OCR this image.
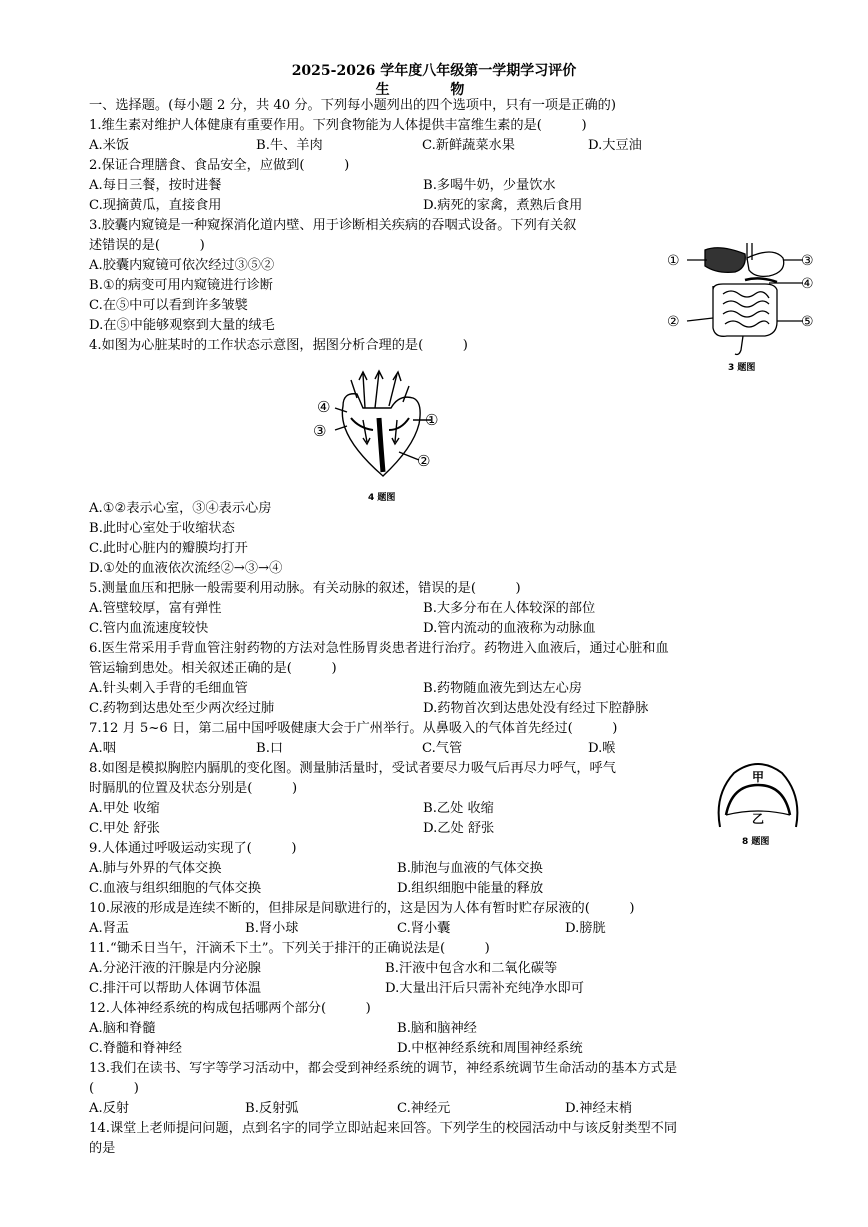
2025-2026 学年度八年级第一学期学习评价
生 物
一、选择题。(每小题 2 分，共 40 分。下列每小题列出的四个选项中，只有一项是正确的)
1.维生素对维护人体健康有重要作用。下列食物能为人体提供丰富维生素的是(　　　)
A.米饭	B.牛、羊肉	C.新鲜蔬菜水果	D.大豆油
2.保证合理膳食、食品安全，应做到(　　　)
A.每日三餐，按时进餐	B.多喝牛奶，少量饮水
C.现摘黄瓜，直接食用	D.病死的家禽，煮熟后食用
3.胶囊内窥镜是一种窥探消化道内壁、用于诊断相关疾病的吞咽式设备。下列有关叙
述错误的是(　　　)
A.胶囊内窥镜可依次经过③⑤②
B.①的病变可用内窥镜进行诊断
C.在⑤中可以看到许多皱襞
D.在⑤中能够观察到大量的绒毛
①
②
③
④
⑤
3 题图
4.如图为心脏某时的工作状态示意图，据图分析合理的是(　　　)
④
③
①
②
4 题图
A.①②表示心室，③④表示心房
B.此时心室处于收缩状态
C.此时心脏内的瓣膜均打开
D.①处的血液依次流经②→③→④
5.测量血压和把脉一般需要利用动脉。有关动脉的叙述，错误的是(　　　)
A.管壁较厚，富有弹性	B.大多分布在人体较深的部位
C.管内血流速度较快	D.管内流动的血液称为动脉血
6.医生常采用手背血管注射药物的方法对急性肠胃炎患者进行治疗。药物进入血液后，通过心脏和血
管运输到患处。相关叙述正确的是(　　　)
A.针头刺入手背的毛细血管	B.药物随血液先到达左心房
C.药物到达患处至少两次经过肺	D.药物首次到达患处没有经过下腔静脉
7.12 月 5~6 日，第二届中国呼吸健康大会于广州举行。从鼻吸入的气体首先经过(　　　)
A.咽	B.口	C.气管	D.喉
8.如图是模拟胸腔内膈肌的变化图。测量肺活量时，受试者要尽力吸气后再尽力呼气，呼气
时膈肌的位置及状态分别是(　　　)
A.甲处 收缩	B.乙处 收缩
C.甲处 舒张	D.乙处 舒张
甲
乙
8 题图
9.人体通过呼吸运动实现了(　　　)
A.肺与外界的气体交换	B.肺泡与血液的气体交换
C.血液与组织细胞的气体交换	D.组织细胞中能量的释放
10.尿液的形成是连续不断的，但排尿是间歇进行的，这是因为人体有暂时贮存尿液的(　　　)
A.肾盂	B.肾小球	C.肾小囊	D.膀胱
11.“锄禾日当午，汗滴禾下土”。下列关于排汗的正确说法是(　　　)
A.分泌汗液的汗腺是内分泌腺	B.汗液中包含水和二氧化碳等
C.排汗可以帮助人体调节体温	D.大量出汗后只需补充纯净水即可
12.人体神经系统的构成包括哪两个部分(　　　)
A.脑和脊髓	B.脑和脑神经
C.脊髓和脊神经	D.中枢神经系统和周围神经系统
13.我们在读书、写字等学习活动中，都会受到神经系统的调节，神经系统调节生命活动的基本方式是
(　　　)
A.反射	B.反射弧	C.神经元	D.神经末梢
14.课堂上老师提问问题，点到名字的同学立即站起来回答。下列学生的校园活动中与该反射类型不同
的是
